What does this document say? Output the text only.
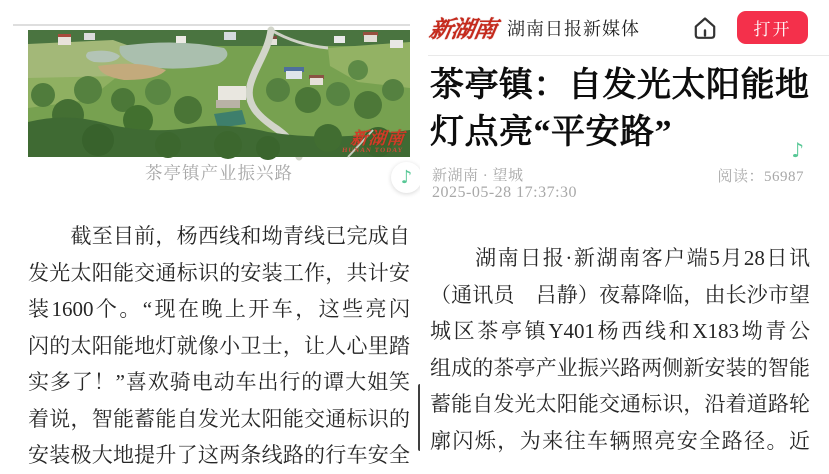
新湖南
HUNAN TODAY
茶亭镇产业振兴路	♪
　　截至目前，杨西线和坳青线已完成自
发光太阳能交通标识的安装工作，共计安
装1600个。“现在晚上开车，这些亮闪
闪的太阳能地灯就像小卫士，让人心里踏
实多了！”喜欢骑电动车出行的谭大姐笑
着说，智能蓄能自发光太阳能交通标识的
安装极大地提升了这两条线路的行车安全
新湖南 湖南日报新媒体	打开
茶亭镇：自发光太阳能地
灯点亮“平安路”	♪
新湖南 · 望城	阅读：56987
2025-05-28 17:37:30
　　湖南日报·新湖南客户端5月28日讯
（通讯员　吕静）夜幕降临，由长沙市望
城区茶亭镇Y401杨西线和X183坳青公
组成的茶亭产业振兴路两侧新安装的智能
蓄能自发光太阳能交通标识，沿着道路轮
廓闪烁，为来往车辆照亮安全路径。近
